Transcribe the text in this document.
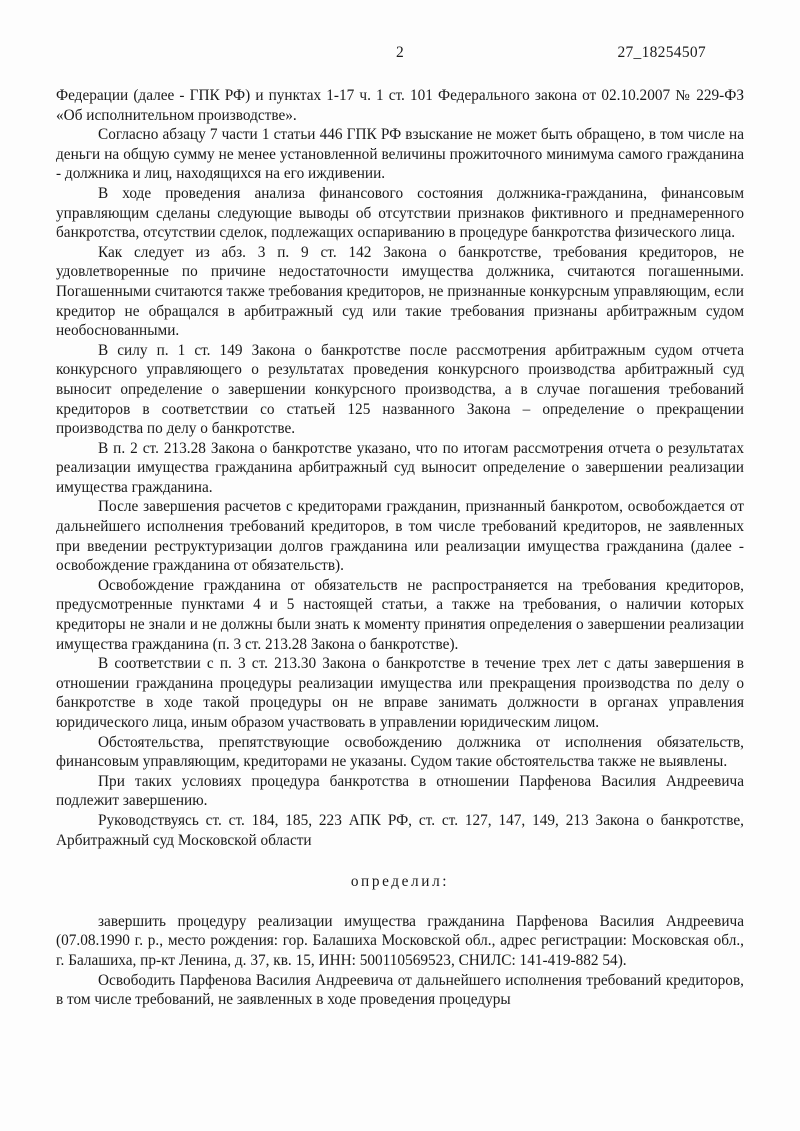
2	27_18254507

Федерации (далее - ГПК РФ) и пунктах 1-17 ч. 1 ст. 101 Федерального закона от 02.10.2007 № 229-ФЗ «Об исполнительном производстве».

Согласно абзацу 7 части 1 статьи 446 ГПК РФ взыскание не может быть обращено, в том числе на деньги на общую сумму не менее установленной величины прожиточного минимума самого гражданина - должника и лиц, находящихся на его иждивении.

В ходе проведения анализа финансового состояния должника-гражданина, финансовым управляющим сделаны следующие выводы об отсутствии признаков фиктивного и преднамеренного банкротства, отсутствии сделок, подлежащих оспариванию в процедуре банкротства физического лица.

Как следует из абз. 3 п. 9 ст. 142 Закона о банкротстве, требования кредиторов, не удовлетворенные по причине недостаточности имущества должника, считаются погашенными. Погашенными считаются также требования кредиторов, не признанные конкурсным управляющим, если кредитор не обращался в арбитражный суд или такие требования признаны арбитражным судом необоснованными.

В силу п. 1 ст. 149 Закона о банкротстве после рассмотрения арбитражным судом отчета конкурсного управляющего о результатах проведения конкурсного производства арбитражный суд выносит определение о завершении конкурсного производства, а в случае погашения требований кредиторов в соответствии со статьей 125 названного Закона – определение о прекращении производства по делу о банкротстве.

В п. 2 ст. 213.28 Закона о банкротстве указано, что по итогам рассмотрения отчета о результатах реализации имущества гражданина арбитражный суд выносит определение о завершении реализации имущества гражданина.

После завершения расчетов с кредиторами гражданин, признанный банкротом, освобождается от дальнейшего исполнения требований кредиторов, в том числе требований кредиторов, не заявленных при введении реструктуризации долгов гражданина или реализации имущества гражданина (далее - освобождение гражданина от обязательств).

Освобождение гражданина от обязательств не распространяется на требования кредиторов, предусмотренные пунктами 4 и 5 настоящей статьи, а также на требования, о наличии которых кредиторы не знали и не должны были знать к моменту принятия определения о завершении реализации имущества гражданина (п. 3 ст. 213.28 Закона о банкротстве).

В соответствии с п. 3 ст. 213.30 Закона о банкротстве в течение трех лет с даты завершения в отношении гражданина процедуры реализации имущества или прекращения производства по делу о банкротстве в ходе такой процедуры он не вправе занимать должности в органах управления юридического лица, иным образом участвовать в управлении юридическим лицом.

Обстоятельства, препятствующие освобождению должника от исполнения обязательств, финансовым управляющим, кредиторами не указаны. Судом такие обстоятельства также не выявлены.

При таких условиях процедура банкротства в отношении Парфенова Василия Андреевича подлежит завершению.

Руководствуясь ст. ст. 184, 185, 223 АПК РФ, ст. ст. 127, 147, 149, 213 Закона о банкротстве, Арбитражный суд Московской области

определил:

завершить процедуру реализации имущества гражданина Парфенова Василия Андреевича (07.08.1990 г. р., место рождения: гор. Балашиха Московской обл., адрес регистрации: Московская обл., г. Балашиха, пр-кт Ленина, д. 37, кв. 15, ИНН: 500110569523, СНИЛС: 141-419-882 54).

Освободить Парфенова Василия Андреевича от дальнейшего исполнения требований кредиторов, в том числе требований, не заявленных в ходе проведения процедуры
